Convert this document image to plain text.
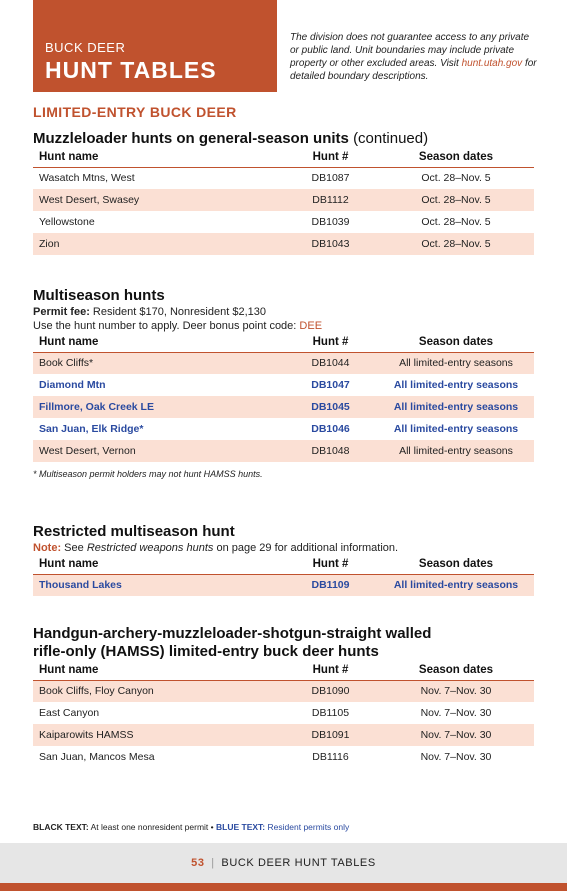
BUCK DEER
HUNT TABLES
The division does not guarantee access to any private or public land. Unit boundaries may include private property or other excluded areas. Visit hunt.utah.gov for detailed boundary descriptions.
LIMITED-ENTRY BUCK DEER
Muzzleloader hunts on general-season units (continued)
Hunt name	Hunt #	Season dates
Wasatch Mtns, West	DB1087	Oct. 28–Nov. 5
West Desert, Swasey	DB1112	Oct. 28–Nov. 5
Yellowstone	DB1039	Oct. 28–Nov. 5
Zion	DB1043	Oct. 28–Nov. 5
Multiseason hunts
Permit fee: Resident $170, Nonresident $2,130
Use the hunt number to apply. Deer bonus point code: DEE
Hunt name	Hunt #	Season dates
Book Cliffs*	DB1044	All limited-entry seasons
Diamond Mtn	DB1047	All limited-entry seasons
Fillmore, Oak Creek LE	DB1045	All limited-entry seasons
San Juan, Elk Ridge*	DB1046	All limited-entry seasons
West Desert, Vernon	DB1048	All limited-entry seasons
* Multiseason permit holders may not hunt HAMSS hunts.
Restricted multiseason hunt
Note: See Restricted weapons hunts on page 29 for additional information.
Hunt name	Hunt #	Season dates
Thousand Lakes	DB1109	All limited-entry seasons
Handgun-archery-muzzleloader-shotgun-straight walled
rifle-only (HAMSS) limited-entry buck deer hunts
Hunt name	Hunt #	Season dates
Book Cliffs, Floy Canyon	DB1090	Nov. 7–Nov. 30
East Canyon	DB1105	Nov. 7–Nov. 30
Kaiparowits HAMSS	DB1091	Nov. 7–Nov. 30
San Juan, Mancos Mesa	DB1116	Nov. 7–Nov. 30
BLACK TEXT: At least one nonresident permit • BLUE TEXT: Resident permits only
53 | BUCK DEER HUNT TABLES
